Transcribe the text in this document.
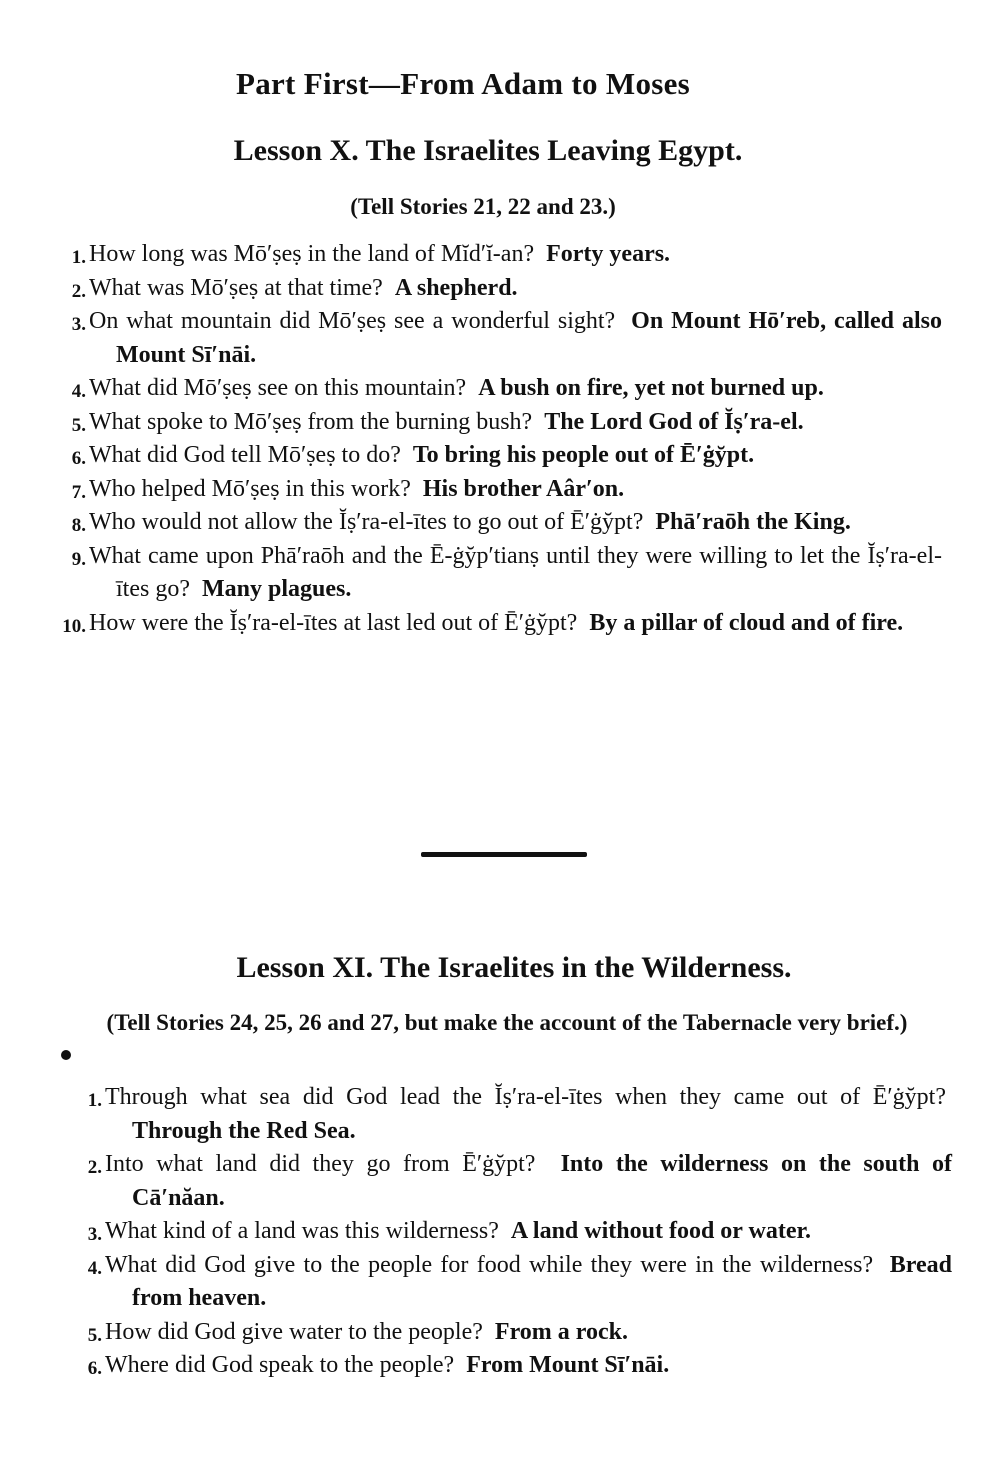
Part First—From Adam to Moses
Lesson X. The Israelites Leaving Egypt.
(Tell Stories 21, 22 and 23.)
1. How long was Mō′ṣeṣ in the land of Mĭd′ĭ-an? Forty years.
2. What was Mō′ṣeṣ at that time? A shepherd.
3. On what mountain did Mō′ṣeṣ see a wonderful sight? On Mount Hō′reb, called also Mount Sī′nāi.
4. What did Mō′ṣeṣ see on this mountain? A bush on fire, yet not burned up.
5. What spoke to Mō′ṣeṣ from the burning bush? The Lord God of Ĭṣ′ra-el.
6. What did God tell Mō′ṣeṣ to do? To bring his people out of Ē′ġy̆pt.
7. Who helped Mō′ṣeṣ in this work? His brother Aâr′on.
8. Who would not allow the Ĭṣ′ra-el-ītes to go out of Ē′ġy̆pt? Phā′raōh the King.
9. What came upon Phā′raōh and the Ē-ġy̆p′tianṣ until they were willing to let the Ĭṣ′ra-el-ītes go? Many plagues.
10. How were the Ĭṣ′ra-el-ītes at last led out of Ē′ġy̆pt? By a pillar of cloud and of fire.
Lesson XI. The Israelites in the Wilderness.
(Tell Stories 24, 25, 26 and 27, but make the account of the Tabernacle very brief.)
1. Through what sea did God lead the Ĭṣ′ra-el-ītes when they came out of Ē′ġy̆pt?  Through the Red Sea.
2. Into what land did they go from Ē′ġy̆pt? Into the wilderness on the south of Cā′năan.
3. What kind of a land was this wilderness? A land without food or water.
4. What did God give to the people for food while they were in the wilderness? Bread from heaven.
5. How did God give water to the people? From a rock.
6. Where did God speak to the people? From Mount Sī′nāi.
